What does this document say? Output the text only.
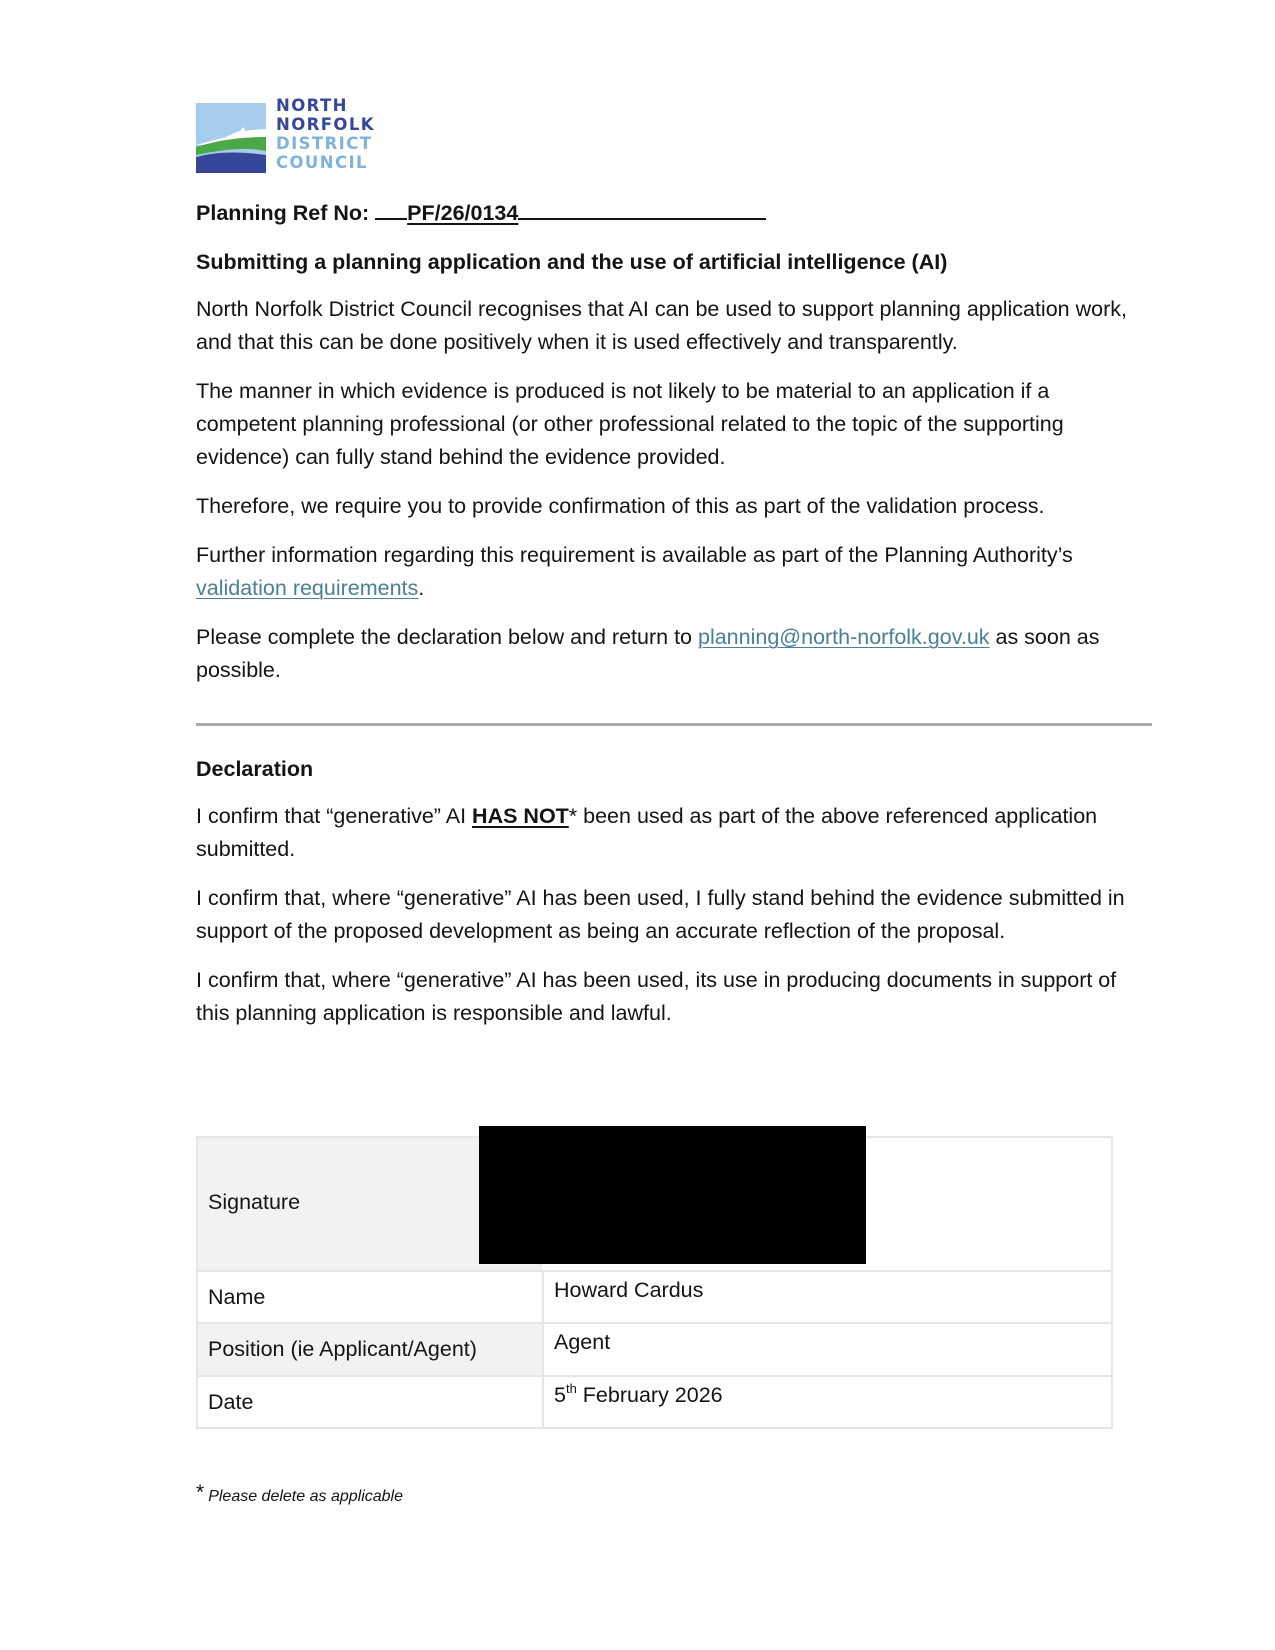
NORTH
NORFOLK
DISTRICT
COUNCIL
Planning Ref No: PF/26/0134
Submitting a planning application and the use of artificial intelligence (AI)

North Norfolk District Council recognises that AI can be used to support planning application work, and that this can be done positively when it is used effectively and transparently.

The manner in which evidence is produced is not likely to be material to an application if a competent planning professional (or other professional related to the topic of the supporting evidence) can fully stand behind the evidence provided.

Therefore, we require you to provide confirmation of this as part of the validation process.

Further information regarding this requirement is available as part of the Planning Authority’s validation requirements.

Please complete the declaration below and return to planning@north-norfolk.gov.uk as soon as possible.

Declaration

I confirm that “generative” AI HAS NOT* been used as part of the above referenced application submitted.

I confirm that, where “generative” AI has been used, I fully stand behind the evidence submitted in support of the proposed development as being an accurate reflection of the proposal.

I confirm that, where “generative” AI has been used, its use in producing documents in support of this planning application is responsible and lawful.

Signature
Name	Howard Cardus
Position (ie Applicant/Agent)	Agent
Date	5th February 2026
* Please delete as applicable
